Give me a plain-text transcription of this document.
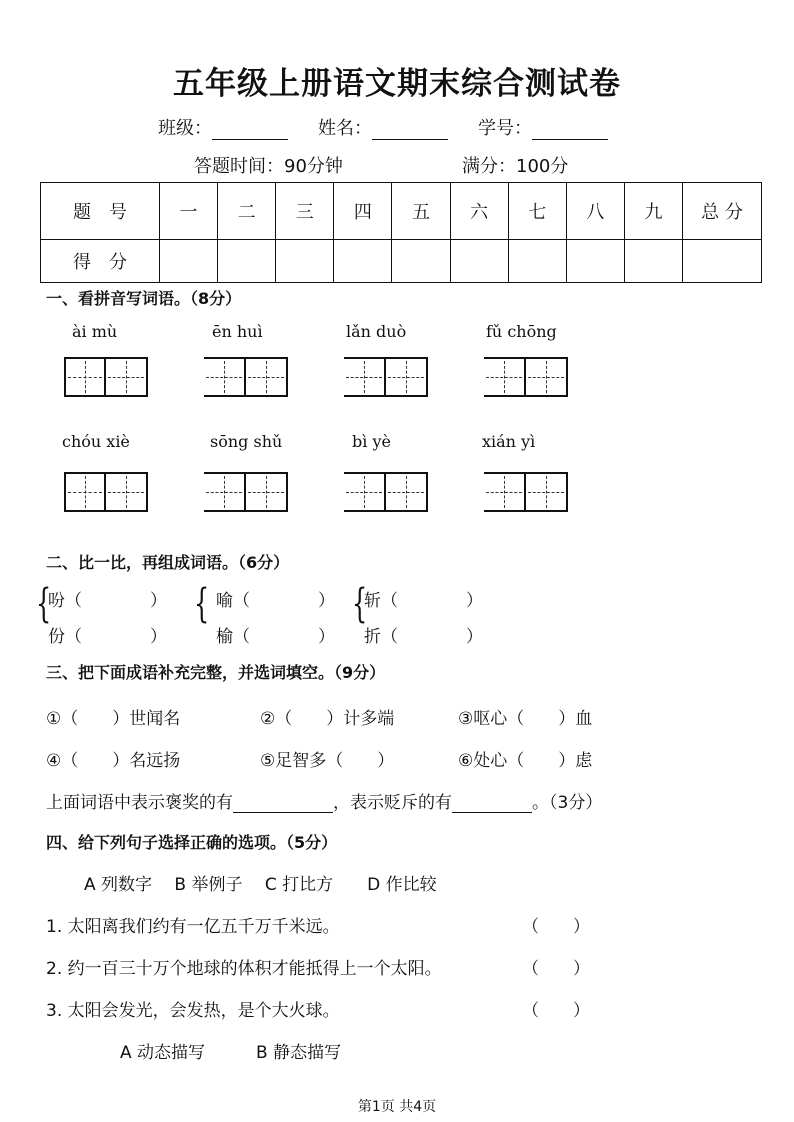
五年级上册语文期末综合测试卷
班级：	姓名：	学号：
答题时间：90分钟	满分：100分
题　号	一	二	三	四	五	六	七	八	九	总 分
得　分										
一、看拼音写词语。（8分）
ài mù	ēn huì	lǎn duò	fǔ chōng
chóu xiè	sōng shǔ	bì yè	xián yì
二、比一比，再组成词语。（6分）
{
吩（　　　　）
份（　　　　）
{ 喻（　　　　）
榆（　　　　）
{
斩（　　　　）
折（　　　　）
三、把下面成语补充完整，并选词填空。（9分）
①（　　）世闻名	②（　　）计多端	③呕心（　　）血
④（　　）名远扬	⑤足智多（　　）	⑥处心（　　）虑
上面词语中表示褒奖的有	，表示贬斥的有	。（3分）
四、给下列句子选择正确的选项。（5分）
A 列数字　 B 举例子　 C 打比方　　D 作比较
1. 太阳离我们约有一亿五千万千米远。	（　　）
2. 约一百三十万个地球的体积才能抵得上一个太阳。	（　　）
3. 太阳会发光，会发热，是个大火球。	（　　）
A 动态描写　　　B 静态描写
第1页 共4页
